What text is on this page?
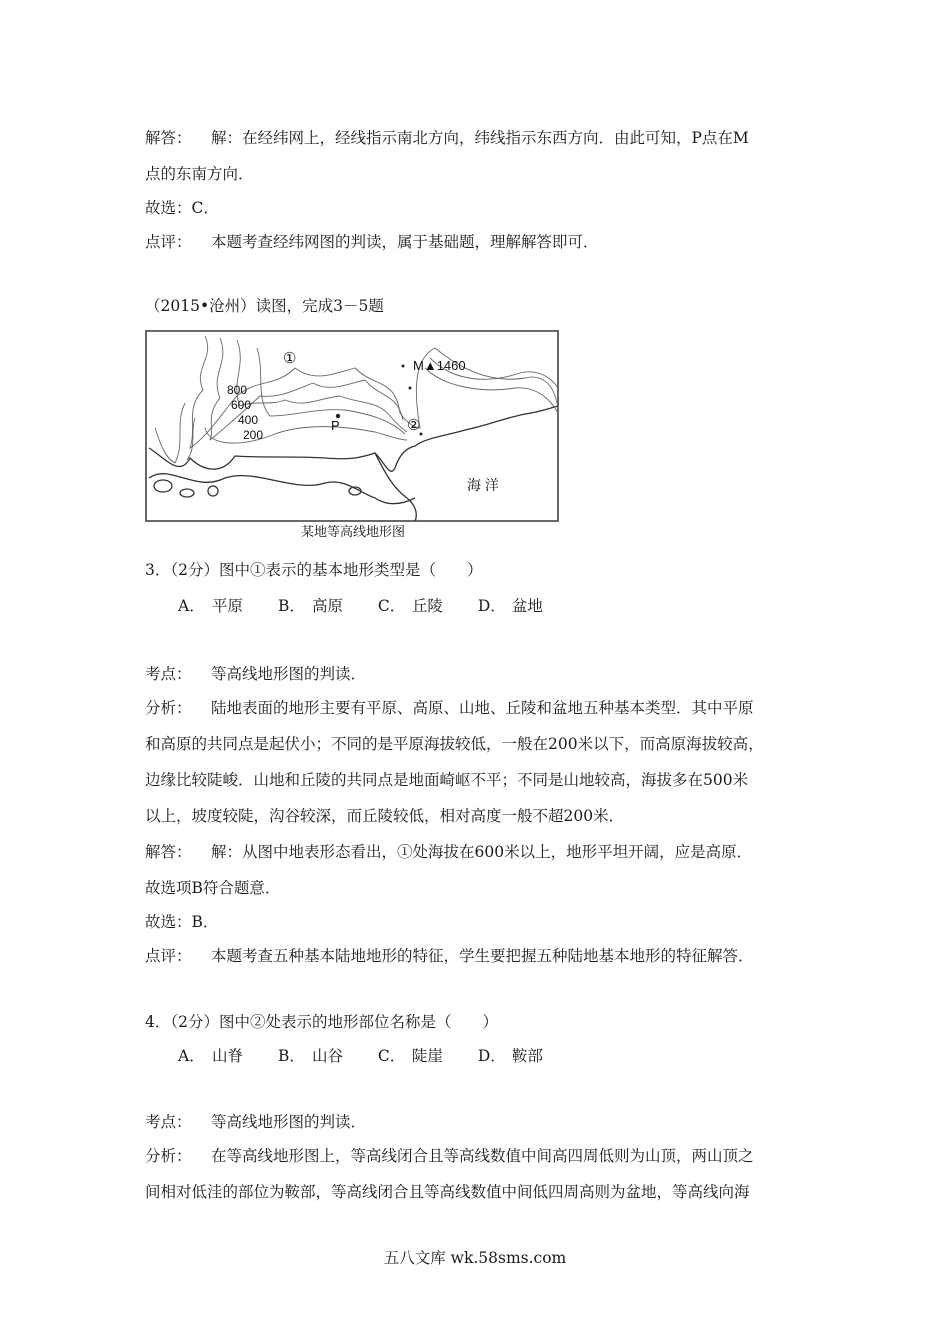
解答： 解：在经纬网上，经线指示南北方向，纬线指示东西方向．由此可知，P点在M
点的东南方向．
故选：C．
点评： 本题考查经纬网图的判读，属于基础题，理解解答即可．
（2015•沧州）读图，完成3－5题
M▲1460
①
②
P
海 洋
800
600
400
200
某地等高线地形图
3．（2分）图中①表示的基本地形类型是（　　）
A． 平原 B． 高原 C． 丘陵 D． 盆地
考点： 等高线地形图的判读．
分析： 陆地表面的地形主要有平原、高原、山地、丘陵和盆地五种基本类型．其中平原
和高原的共同点是起伏小；不同的是平原海拔较低，一般在200米以下，而高原海拔较高，
边缘比较陡峻．山地和丘陵的共同点是地面崎岖不平；不同是山地较高，海拔多在500米
以上，坡度较陡，沟谷较深，而丘陵较低，相对高度一般不超200米．
解答： 解：从图中地表形态看出，①处海拔在600米以上，地形平坦开阔，应是高原．
故选项B符合题意．
故选：B．
点评： 本题考查五种基本陆地地形的特征，学生要把握五种陆地基本地形的特征解答．
4．（2分）图中②处表示的地形部位名称是（　　）
A． 山脊 B． 山谷 C． 陡崖 D． 鞍部
考点： 等高线地形图的判读．
分析： 在等高线地形图上，等高线闭合且等高线数值中间高四周低则为山顶，两山顶之
间相对低洼的部位为鞍部，等高线闭合且等高线数值中间低四周高则为盆地，等高线向海
五八文库 wk.58sms.com
